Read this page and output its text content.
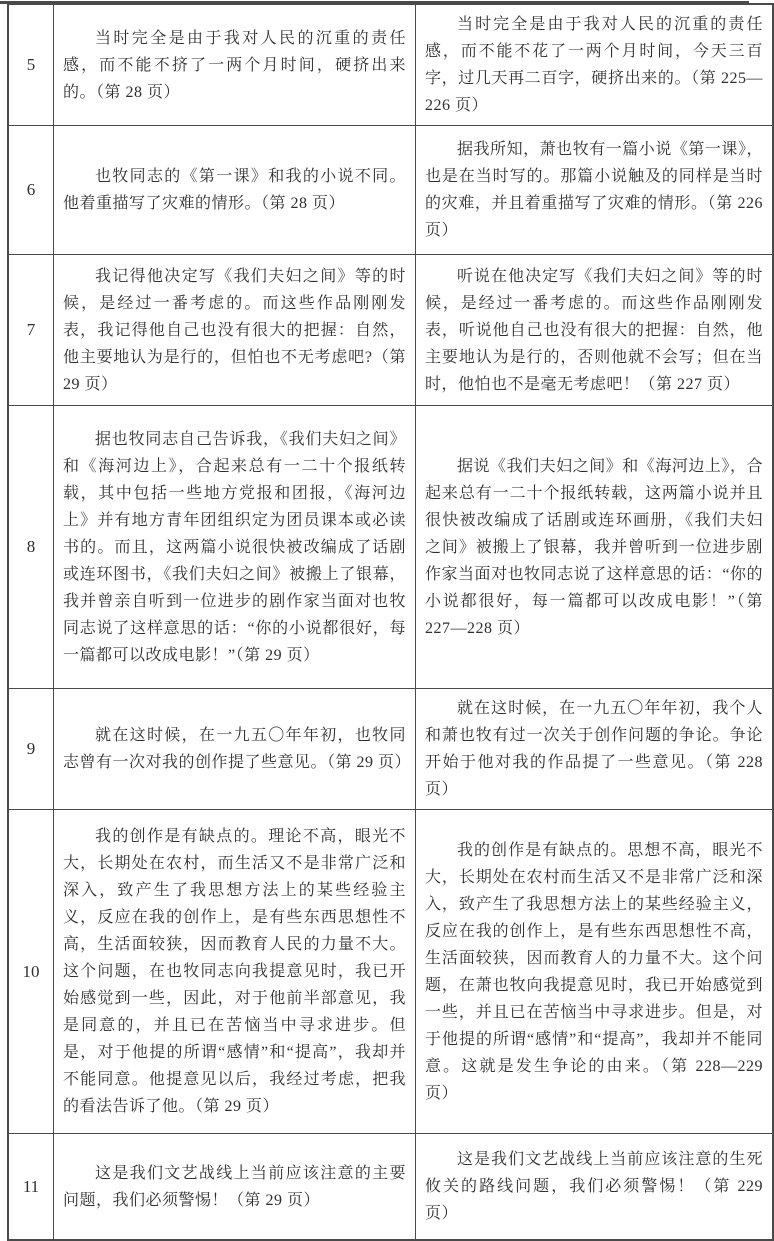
5	当时完全是由于我对人民的沉重的责任感，而不能不挤了一两个月时间，硬挤出来的。（第 28 页）	当时完全是由于我对人民的沉重的责任感，而不能不花了一两个月时间，今天三百字，过几天再二百字，硬挤出来的。（第 225—226 页）

6	也牧同志的《第一课》和我的小说不同。他着重描写了灾难的情形。（第 28 页）	据我所知，萧也牧有一篇小说《第一课》，也是在当时写的。那篇小说触及的同样是当时的灾难，并且着重描写了灾难的情形。（第 226 页）

7	我记得他决定写《我们夫妇之间》等的时候，是经过一番考虑的。而这些作品刚刚发表，我记得他自己也没有很大的把握：自然，他主要地认为是行的，但怕也不无考虑吧?（第 29 页）	听说在他决定写《我们夫妇之间》等的时候，是经过一番考虑的。而这些作品刚刚发表，听说他自己也没有很大的把握：自然，他主要地认为是行的，否则他就不会写；但在当时，他怕也不是毫无考虑吧！（第 227 页）

8	据也牧同志自己告诉我，《我们夫妇之间》和《海河边上》，合起来总有一二十个报纸转载，其中包括一些地方党报和团报，《海河边上》并有地方青年团组织定为团员课本或必读书的。而且，这两篇小说很快被改编成了话剧或连环图书，《我们夫妇之间》被搬上了银幕，我并曾亲自听到一位进步的剧作家当面对也牧同志说了这样意思的话：“你的小说都很好，每一篇都可以改成电影！”（第 29 页）	据说《我们夫妇之间》和《海河边上》，合起来总有一二十个报纸转载，这两篇小说并且很快被改编成了话剧或连环画册，《我们夫妇之间》被搬上了银幕，我并曾听到一位进步剧作家当面对也牧同志说了这样意思的话：“你的小说都很好，每一篇都可以改成电影！”（第 227—228 页）

9	就在这时候，在一九五〇年年初，也牧同志曾有一次对我的创作提了些意见。（第 29 页）	就在这时候，在一九五〇年年初，我个人和萧也牧有过一次关于创作问题的争论。争论开始于他对我的作品提了一些意见。（第 228 页）

10	我的创作是有缺点的。理论不高，眼光不大，长期处在农村，而生活又不是非常广泛和深入，致产生了我思想方法上的某些经验主义，反应在我的创作上，是有些东西思想性不高，生活面较狭，因而教育人民的力量不大。这个问题，在也牧同志向我提意见时，我已开始感觉到一些，因此，对于他前半部意见，我是同意的，并且已在苦恼当中寻求进步。但是，对于他提的所谓“感情”和“提高”，我却并不能同意。他提意见以后，我经过考虑，把我的看法告诉了他。（第 29 页）	我的创作是有缺点的。思想不高，眼光不大，长期处在农村而生活又不是非常广泛和深入，致产生了我思想方法上的某些经验主义，反应在我的创作上，是有些东西思想性不高，生活面较狭，因而教育人的力量不大。这个问题，在萧也牧向我提意见时，我已开始感觉到一些，并且已在苦恼当中寻求进步。但是，对于他提的所谓“感情”和“提高”，我却并不能同意。这就是发生争论的由来。（第 228—229 页）

11	这是我们文艺战线上当前应该注意的主要问题，我们必须警惕！（第 29 页）	这是我们文艺战线上当前应该注意的生死攸关的路线问题，我们必须警惕！（第 229 页）
